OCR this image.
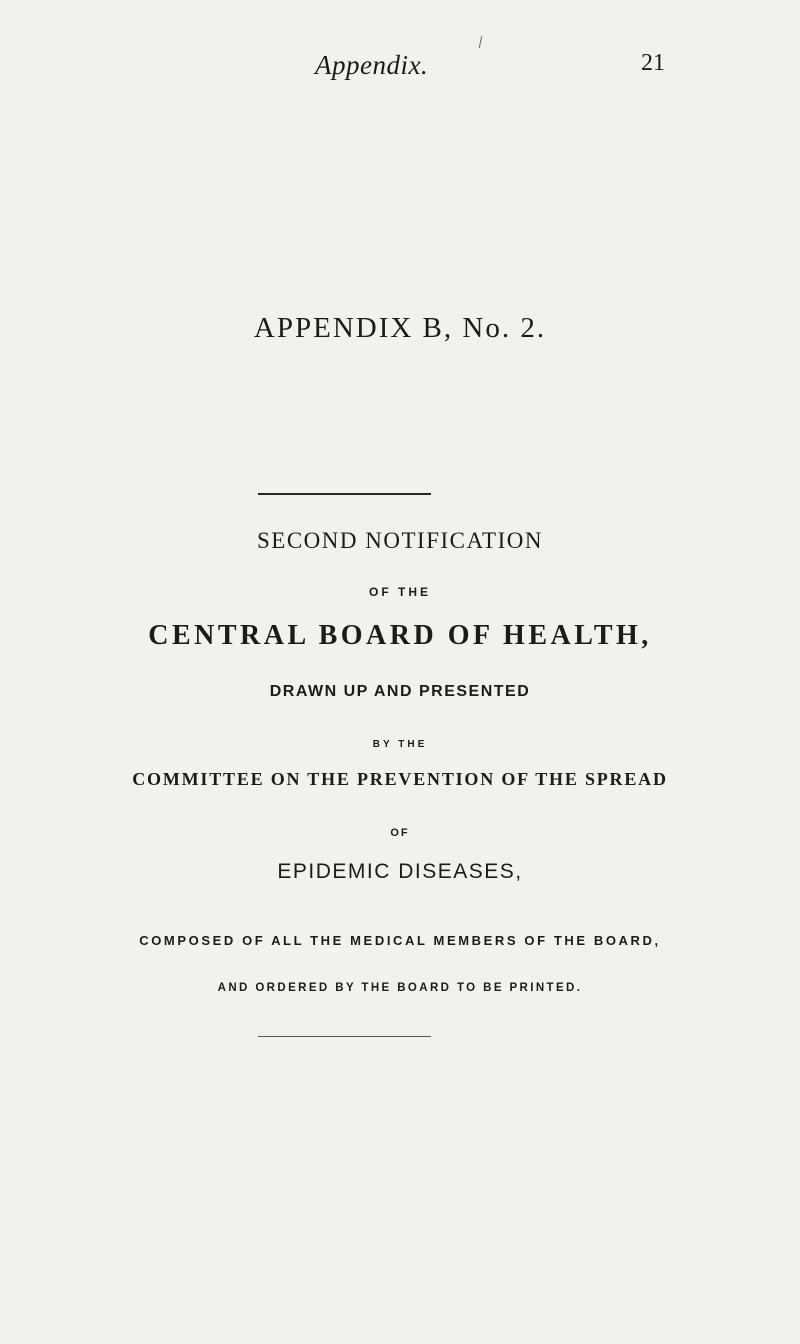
Appendix.	21
APPENDIX B, No. 2.
SECOND NOTIFICATION
OF THE
CENTRAL BOARD OF HEALTH,
DRAWN UP AND PRESENTED
BY THE
COMMITTEE ON THE PREVENTION OF THE SPREAD
OF
EPIDEMIC DISEASES,
COMPOSED OF ALL THE MEDICAL MEMBERS OF THE BOARD,
AND ORDERED BY THE BOARD TO BE PRINTED.
